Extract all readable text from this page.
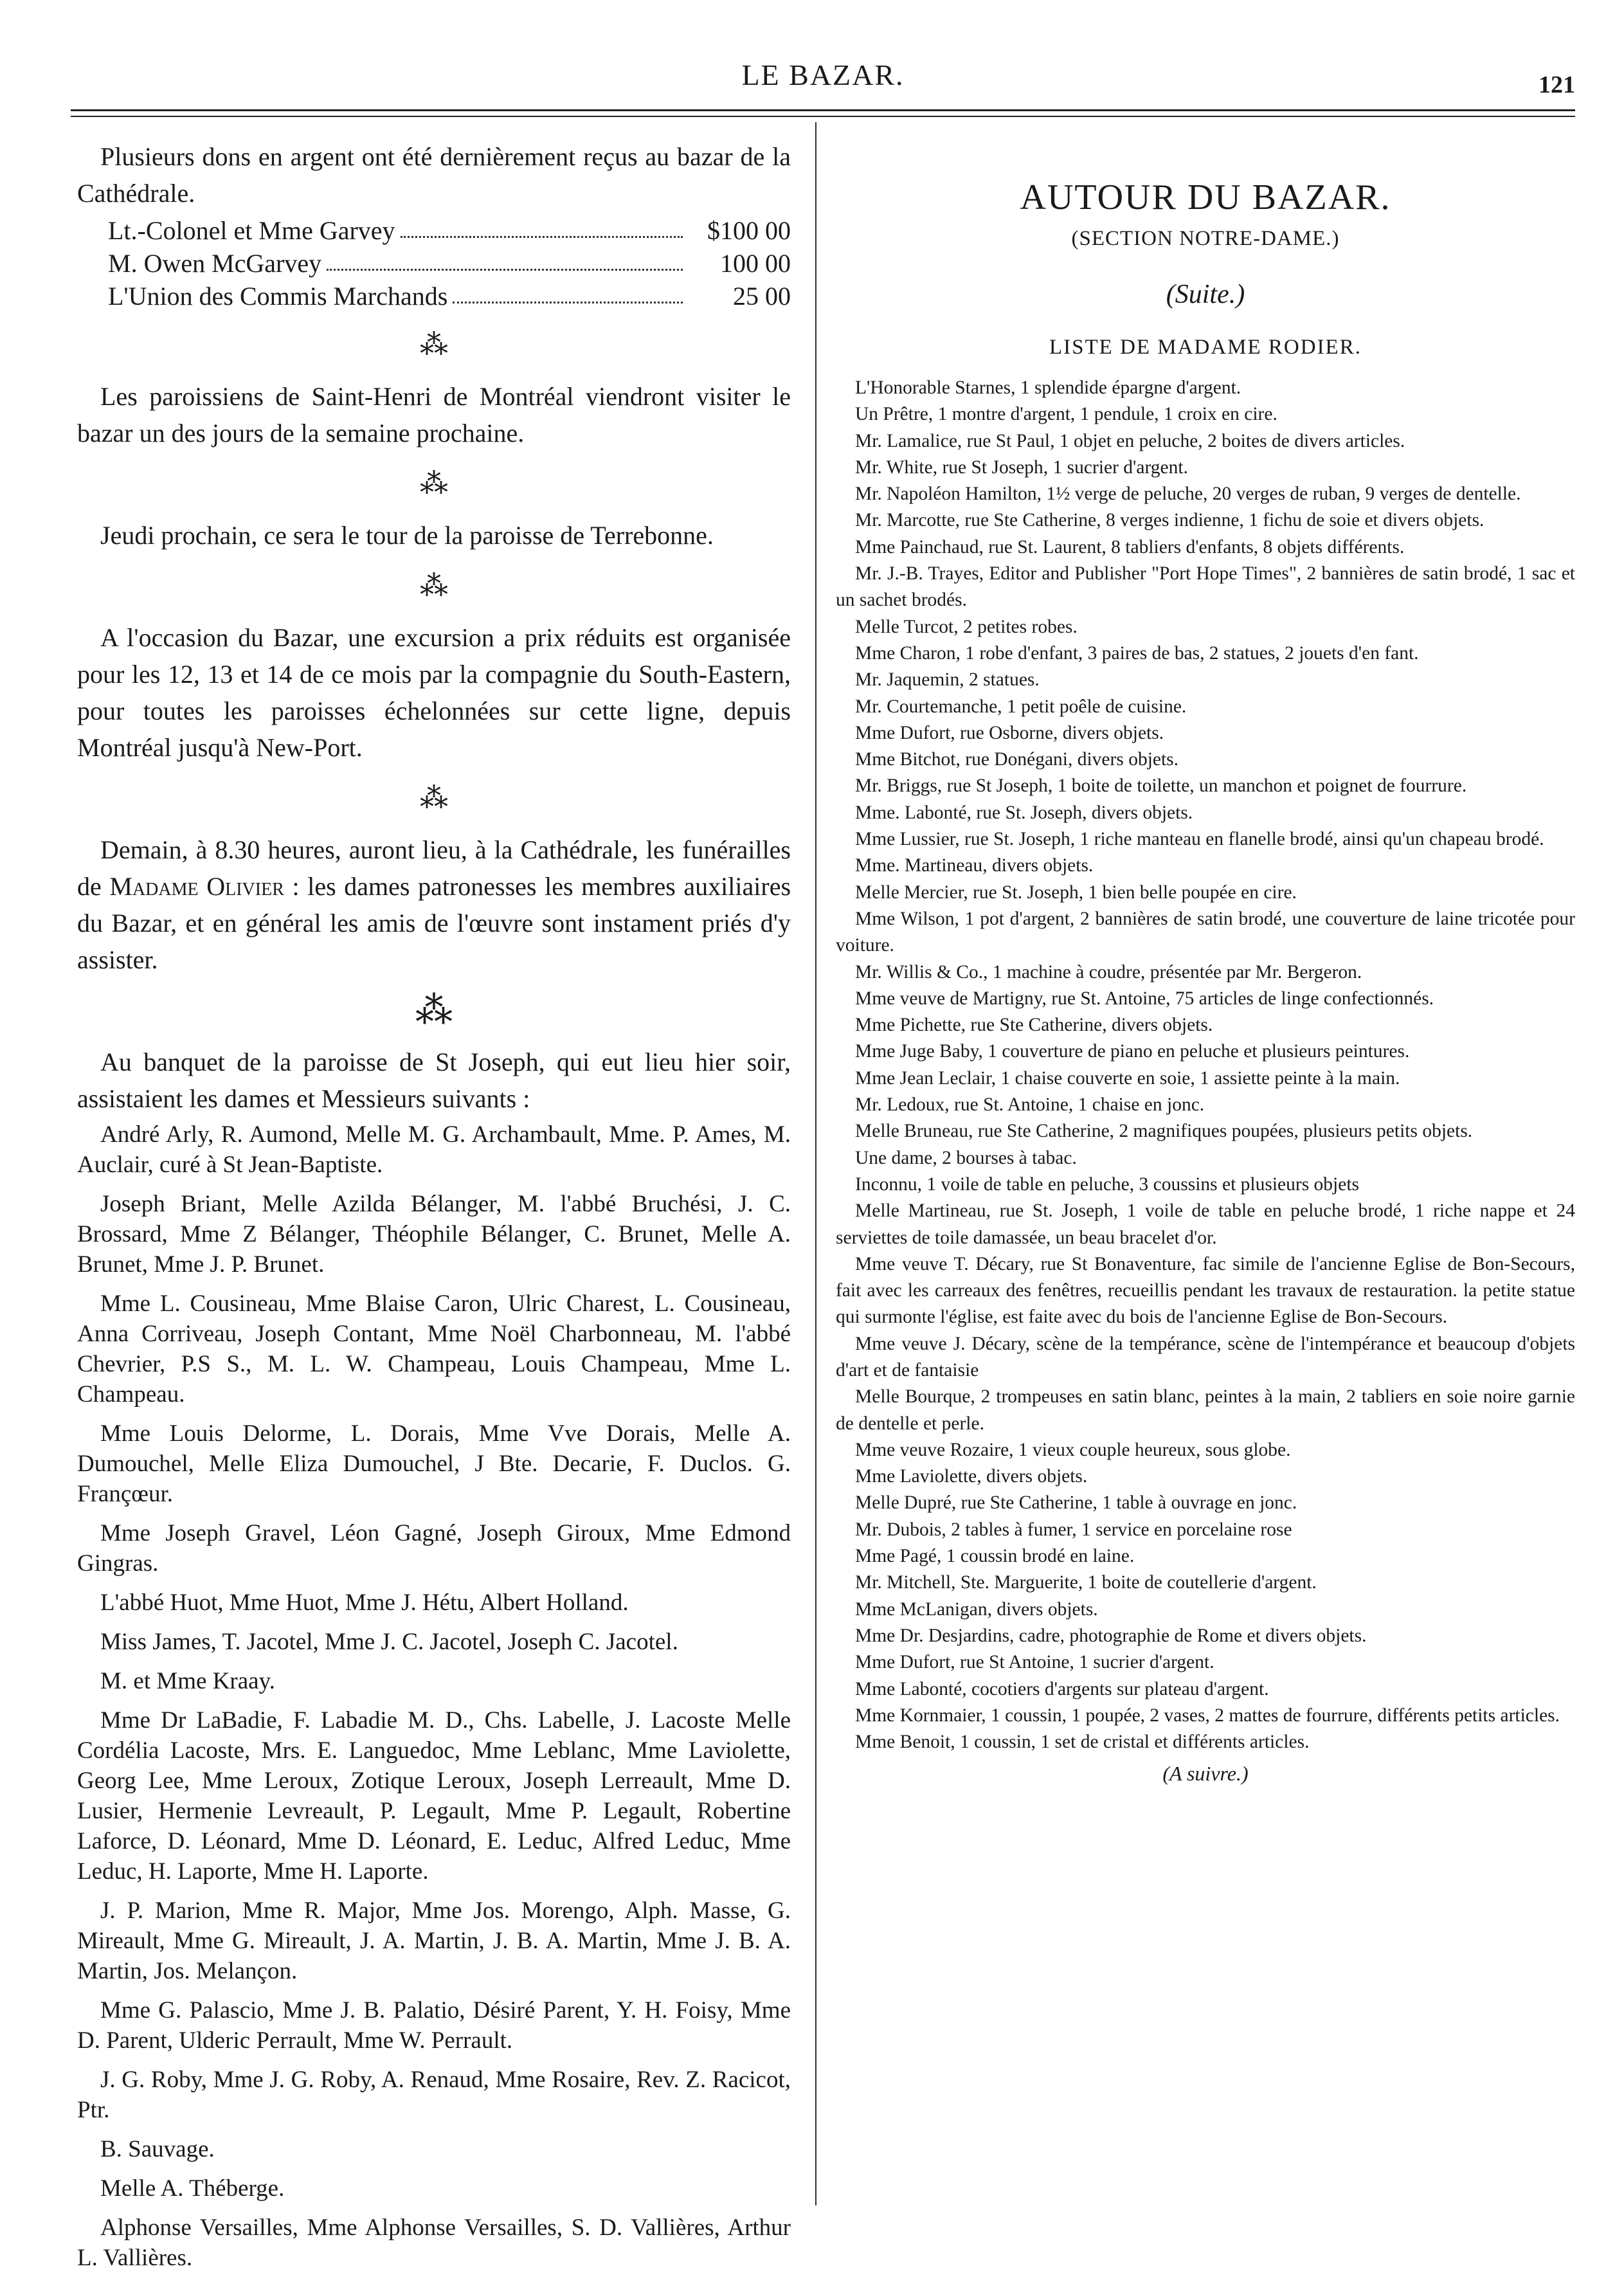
LE BAZAR.	121

Plusieurs dons en argent ont été dernièrement reçus au bazar de la Cathédrale.

Lt.-Colonel et Mme Garvey	$100 00
M. Owen McGarvey	100 00
L'Union des Commis Marchands	25 00
⁂

Les paroissiens de Saint-Henri de Montréal viendront visiter le bazar un des jours de la semaine prochaine.

⁂

Jeudi prochain, ce sera le tour de la paroisse de Terrebonne.

⁂

A l'occasion du Bazar, une excursion a prix réduits est organisée pour les 12, 13 et 14 de ce mois par la compagnie du South-Eastern, pour toutes les paroisses échelonnées sur cette ligne, depuis Montréal jusqu'à New-Port.

⁂

Demain, à 8.30 heures, auront lieu, à la Cathédrale, les funérailles de Madame Olivier : les dames patronesses les membres auxiliaires du Bazar, et en général les amis de l'œuvre sont instament priés d'y assister.

⁂

Au banquet de la paroisse de St Joseph, qui eut lieu hier soir, assistaient les dames et Messieurs suivants :

André Arly, R. Aumond, Melle M. G. Archambault, Mme. P. Ames, M. Auclair, curé à St Jean-Baptiste.

Joseph Briant, Melle Azilda Bélanger, M. l'abbé Bruchési, J. C. Brossard, Mme Z Bélanger, Théophile Bélanger, C. Brunet, Melle A. Brunet, Mme J. P. Brunet.

Mme L. Cousineau, Mme Blaise Caron, Ulric Charest, L. Cousineau, Anna Corriveau, Joseph Contant, Mme Noël Charbonneau, M. l'abbé Chevrier, P.S S., M. L. W. Champeau, Louis Champeau, Mme L. Champeau.

Mme Louis Delorme, L. Dorais, Mme Vve Dorais, Melle A. Dumouchel, Melle Eliza Dumouchel, J Bte. Decarie, F. Duclos. G. Françœur.

Mme Joseph Gravel, Léon Gagné, Joseph Giroux, Mme Edmond Gingras.

L'abbé Huot, Mme Huot, Mme J. Hétu, Albert Holland.

Miss James, T. Jacotel, Mme J. C. Jacotel, Joseph C. Jacotel.

M. et Mme Kraay.

Mme Dr LaBadie, F. Labadie M. D., Chs. Labelle, J. Lacoste Melle Cordélia Lacoste, Mrs. E. Languedoc, Mme Leblanc, Mme Laviolette, Georg Lee, Mme Leroux, Zotique Leroux, Joseph Lerreault, Mme D. Lusier, Hermenie Levreault, P. Legault, Mme P. Legault, Robertine Laforce, D. Léonard, Mme D. Léonard, E. Leduc, Alfred Leduc, Mme Leduc, H. Laporte, Mme H. Laporte.

J. P. Marion, Mme R. Major, Mme Jos. Morengo, Alph. Masse, G. Mireault, Mme G. Mireault, J. A. Martin, J. B. A. Martin, Mme J. B. A. Martin, Jos. Melançon.

Mme G. Palascio, Mme J. B. Palatio, Désiré Parent, Y. H. Foisy, Mme D. Parent, Ulderic Perrault, Mme W. Perrault.

J. G. Roby, Mme J. G. Roby, A. Renaud, Mme Rosaire, Rev. Z. Racicot, Ptr.

B. Sauvage.

Melle A. Théberge.

Alphonse Versailles, Mme Alphonse Versailles, S. D. Vallières, Arthur L. Vallières.

AUTOUR DU BAZAR.
(SECTION NOTRE-DAME.)
(Suite.)
LISTE DE MADAME RODIER.

L'Honorable Starnes, 1 splendide épargne d'argent.

Un Prêtre, 1 montre d'argent, 1 pendule, 1 croix en cire.

Mr. Lamalice, rue St Paul, 1 objet en peluche, 2 boites de divers articles.

Mr. White, rue St Joseph, 1 sucrier d'argent.

Mr. Napoléon Hamilton, 1½ verge de peluche, 20 verges de ruban, 9 verges de dentelle.

Mr. Marcotte, rue Ste Catherine, 8 verges indienne, 1 fichu de soie et divers objets.

Mme Painchaud, rue St. Laurent, 8 tabliers d'enfants, 8 objets différents.

Mr. J.-B. Trayes, Editor and Publisher "Port Hope Times", 2 bannières de satin brodé, 1 sac et un sachet brodés.

Melle Turcot, 2 petites robes.

Mme Charon, 1 robe d'enfant, 3 paires de bas, 2 statues, 2 jouets d'en fant.

Mr. Jaquemin, 2 statues.

Mr. Courtemanche, 1 petit poêle de cuisine.

Mme Dufort, rue Osborne, divers objets.

Mme Bitchot, rue Donégani, divers objets.

Mr. Briggs, rue St Joseph, 1 boite de toilette, un manchon et poignet de fourrure.

Mme. Labonté, rue St. Joseph, divers objets.

Mme Lussier, rue St. Joseph, 1 riche manteau en flanelle brodé, ainsi qu'un chapeau brodé.

Mme. Martineau, divers objets.

Melle Mercier, rue St. Joseph, 1 bien belle poupée en cire.

Mme Wilson, 1 pot d'argent, 2 bannières de satin brodé, une couverture de laine tricotée pour voiture.

Mr. Willis & Co., 1 machine à coudre, présentée par Mr. Bergeron.

Mme veuve de Martigny, rue St. Antoine, 75 articles de linge confectionnés.

Mme Pichette, rue Ste Catherine, divers objets.

Mme Juge Baby, 1 couverture de piano en peluche et plusieurs peintures.

Mme Jean Leclair, 1 chaise couverte en soie, 1 assiette peinte à la main.

Mr. Ledoux, rue St. Antoine, 1 chaise en jonc.

Melle Bruneau, rue Ste Catherine, 2 magnifiques poupées, plusieurs petits objets.

Une dame, 2 bourses à tabac.

Inconnu, 1 voile de table en peluche, 3 coussins et plusieurs objets

Melle Martineau, rue St. Joseph, 1 voile de table en peluche brodé, 1 riche nappe et 24 serviettes de toile damassée, un beau bracelet d'or.

Mme veuve T. Décary, rue St Bonaventure, fac simile de l'ancienne Eglise de Bon-Secours, fait avec les carreaux des fenêtres, recueillis pendant les travaux de restauration. la petite statue qui surmonte l'église, est faite avec du bois de l'ancienne Eglise de Bon-Secours.

Mme veuve J. Décary, scène de la tempérance, scène de l'intempérance et beaucoup d'objets d'art et de fantaisie

Melle Bourque, 2 trompeuses en satin blanc, peintes à la main, 2 tabliers en soie noire garnie de dentelle et perle.

Mme veuve Rozaire, 1 vieux couple heureux, sous globe.

Mme Laviolette, divers objets.

Melle Dupré, rue Ste Catherine, 1 table à ouvrage en jonc.

Mr. Dubois, 2 tables à fumer, 1 service en porcelaine rose

Mme Pagé, 1 coussin brodé en laine.

Mr. Mitchell, Ste. Marguerite, 1 boite de coutellerie d'argent.

Mme McLanigan, divers objets.

Mme Dr. Desjardins, cadre, photographie de Rome et divers objets.

Mme Dufort, rue St Antoine, 1 sucrier d'argent.

Mme Labonté, cocotiers d'argents sur plateau d'argent.

Mme Kornmaier, 1 coussin, 1 poupée, 2 vases, 2 mattes de fourrure, différents petits articles.

Mme Benoit, 1 coussin, 1 set de cristal et différents articles.

(A suivre.)
